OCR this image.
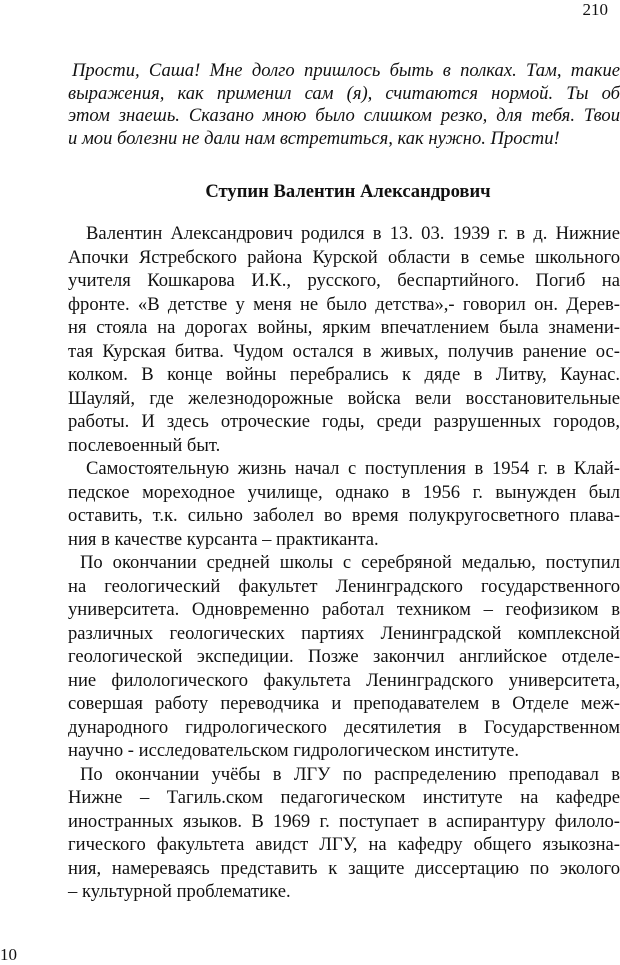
210
Прости, Саша! Мне долго пришлось быть в полках. Там, такие
выражения, как применил сам (я), считаются нормой. Ты об
этом знаешь. Сказано мною было слишком резко, для тебя. Твои
и мои болезни не дали нам встретиться, как нужно. Прости!
Ступин Валентин Александрович
Валентин Александрович родился в 13. 03. 1939 г. в д. Нижние
Апочки Ястребского района Курской области в семье школьного
учителя Кошкарова И.К., русского, беспартийного. Погиб на
фронте. «В детстве у меня не было детства»,- говорил он. Дерев-
ня стояла на дорогах войны, ярким впечатлением была знамени-
тая Курская битва. Чудом остался в живых, получив ранение ос-
колком. В конце войны перебрались к дяде в Литву, Каунас.
Шауляй, где железнодорожные войска вели восстановительные
работы. И здесь отроческие годы, среди разрушенных городов,
послевоенный быт.
Самостоятельную жизнь начал с поступления в 1954 г. в Клай-
педское мореходное училище, однако в 1956 г. вынужден был
оставить, т.к. сильно заболел во время полукругосветного плава-
ния в качестве курсанта – практиканта.
По окончании средней школы с серебряной медалью, поступил
на геологический факультет Ленинградского государственного
университета. Одновременно работал техником – геофизиком в
различных геологических партиях Ленинградской комплексной
геологической экспедиции. Позже закончил английское отделе-
ние филологического факультета Ленинградского университета,
совершая работу переводчика и преподавателем в Отделе меж-
дународного гидрологического десятилетия в Государственном
научно - исследовательском гидрологическом институте.
По окончании учёбы в ЛГУ по распределению преподавал в
Нижне – Тагиль.ском педагогическом институте на кафедре
иностранных языков. В 1969 г. поступает в аспирантуру филоло-
гического факультета авидст ЛГУ, на кафедру общего языкозна-
ния, намереваясь представить к защите диссертацию по эколого
– культурной проблематике.
10
